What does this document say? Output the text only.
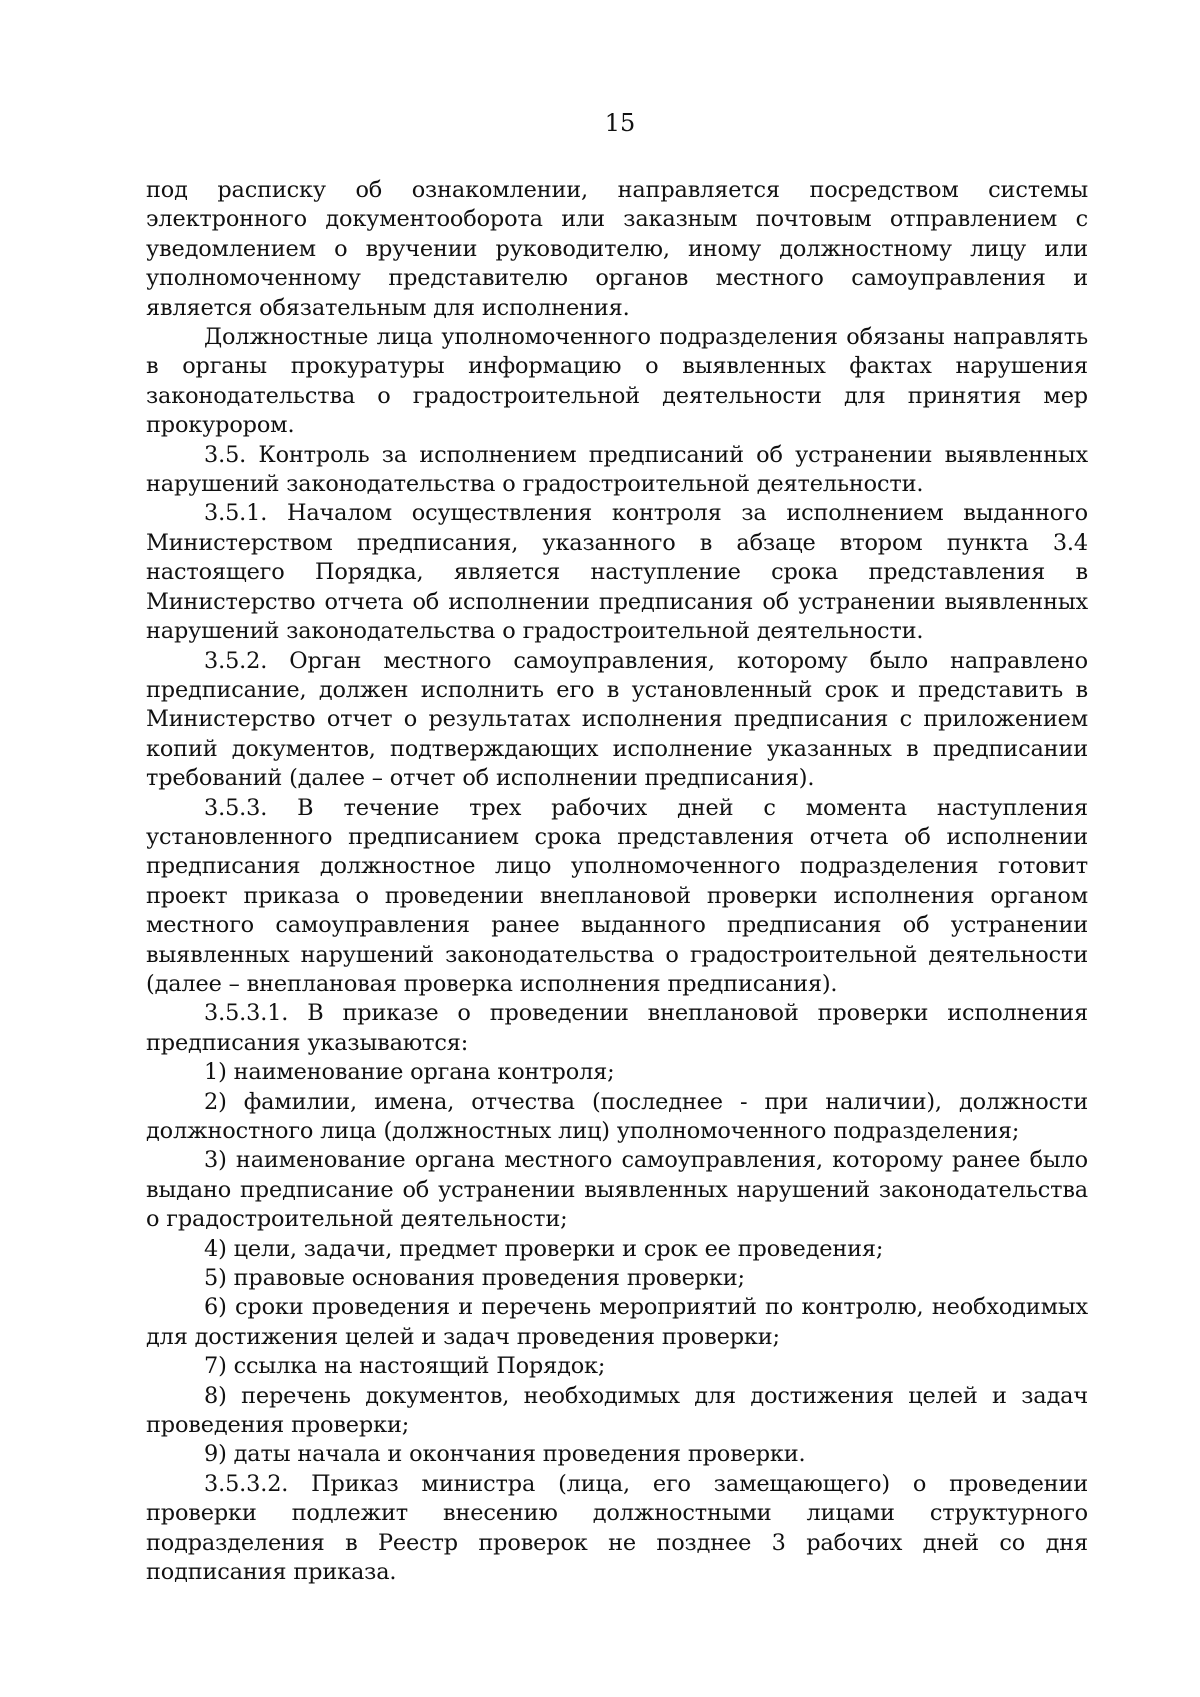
15

под расписку об ознакомлении, направляется посредством системы электронного документооборота или заказным почтовым отправлением с уведомлением о вручении руководителю, иному должностному лицу или уполномоченному представителю органов местного самоуправления и является обязательным для исполнения.

Должностные лица уполномоченного подразделения обязаны направлять в органы прокуратуры информацию о выявленных фактах нарушения законодательства о градостроительной деятельности для принятия мер прокурором.

3.5. Контроль за исполнением предписаний об устранении выявленных нарушений законодательства о градостроительной деятельности.

3.5.1. Началом осуществления контроля за исполнением выданного Министерством предписания, указанного в абзаце втором пункта 3.4 настоящего Порядка, является наступление срока представления в Министерство отчета об исполнении предписания об устранении выявленных нарушений законодательства о градостроительной деятельности.

3.5.2. Орган местного самоуправления, которому было направлено предписание, должен исполнить его в установленный срок и представить в Министерство отчет о результатах исполнения предписания с приложением копий документов, подтверждающих исполнение указанных в предписании требований (далее – отчет об исполнении предписания).

3.5.3. В течение трех рабочих дней с момента наступления установленного предписанием срока представления отчета об исполнении предписания должностное лицо уполномоченного подразделения готовит проект приказа о проведении внеплановой проверки исполнения органом местного самоуправления ранее выданного предписания об устранении выявленных нарушений законодательства о градостроительной деятельности (далее – внеплановая проверка исполнения предписания).

3.5.3.1. В приказе о проведении внеплановой проверки исполнения предписания указываются:

1) наименование органа контроля;

2) фамилии, имена, отчества (последнее - при наличии), должности должностного лица (должностных лиц) уполномоченного подразделения;

3) наименование органа местного самоуправления, которому ранее было выдано предписание об устранении выявленных нарушений законодательства о градостроительной деятельности;

4) цели, задачи, предмет проверки и срок ее проведения;

5) правовые основания проведения проверки;

6) сроки проведения и перечень мероприятий по контролю, необходимых для достижения целей и задач проведения проверки;

7) ссылка на настоящий Порядок;

8) перечень документов, необходимых для достижения целей и задач проведения проверки;

9) даты начала и окончания проведения проверки.

3.5.3.2. Приказ министра (лица, его замещающего) о проведении проверки подлежит внесению должностными лицами структурного подразделения в Реестр проверок не позднее 3 рабочих дней со дня подписания приказа.
